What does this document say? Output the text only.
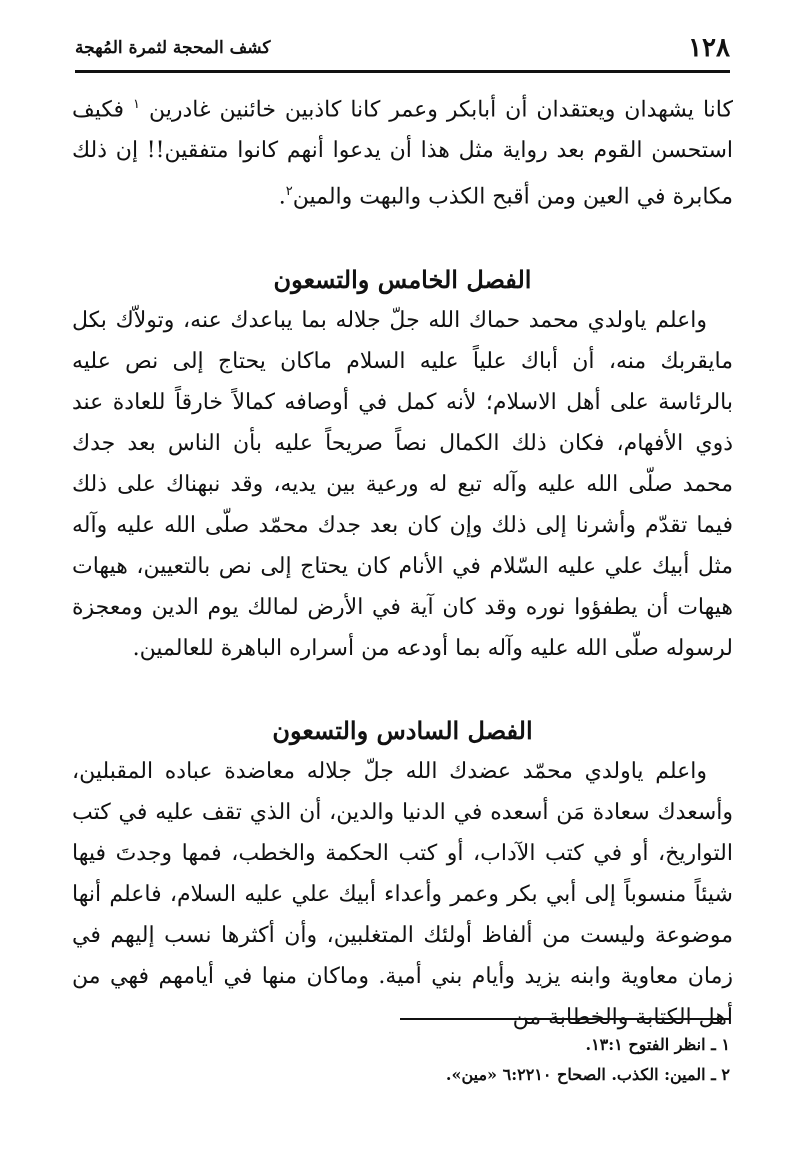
١٢٨
كشف المحجة لثمرة المُهجة

كانا يشهدان ويعتقدان أن أبابكر وعمر كانا كاذبين خائنين غادرين $^١$ فكيف استحسن القوم بعد رواية مثل هذا أن يدعوا أنهم كانوا متفقين!! إن ذلك مكابرة في العين ومن أقبح الكذب والبهت والمين$^٢$.

الفصل الخامس والتسعون

واعلم ياولدي محمد حماك الله جلّ جلاله بما يباعدك عنه، وتولاّك بكل مايقربك منه، أن أباك علياً عليه السلام ماكان يحتاج إلى نص عليه بالرئاسة على أهل الاسلام؛ لأنه كمل في أوصافه كمالاً خارقاً للعادة عند ذوي الأفهام، فكان ذلك الكمال نصاً صريحاً عليه بأن الناس بعد جدك محمد صلّى الله عليه وآله تبع له ورعية بين يديه، وقد نبهناك على ذلك فيما تقدّم وأشرنا إلى ذلك وإن كان بعد جدك محمّد صلّى الله عليه وآله مثل أبيك علي عليه السّلام في الأنام كان يحتاج إلى نص بالتعيين، هيهات هيهات أن يطفؤوا نوره وقد كان آية في الأرض لمالك يوم الدين ومعجزة لرسوله صلّى الله عليه وآله بما أودعه من أسراره الباهرة للعالمين.

الفصل السادس والتسعون

واعلم ياولدي محمّد عضدك الله جلّ جلاله معاضدة عباده المقبلين، وأسعدك سعادة مَن أسعده في الدنيا والدين، أن الذي تقف عليه في كتب التواريخ، أو في كتب الآداب، أو كتب الحكمة والخطب، فمها وجدتَ فيها شيئاً منسوباً إلى أبي بكر وعمر وأعداء أبيك علي عليه السلام، فاعلم أنها موضوعة وليست من ألفاظ أولئك المتغلبين، وأن أكثرها نسب إليهم في زمان معاوية وابنه يزيد وأيام بني أمية. وماكان منها في أيامهم فهي من أهل الكتابة والخطابة من

١ ـ انظر الفتوح ١٣:١.
٢ ـ المين: الكذب. الصحاح ٦:٢٢١٠ «مين».
